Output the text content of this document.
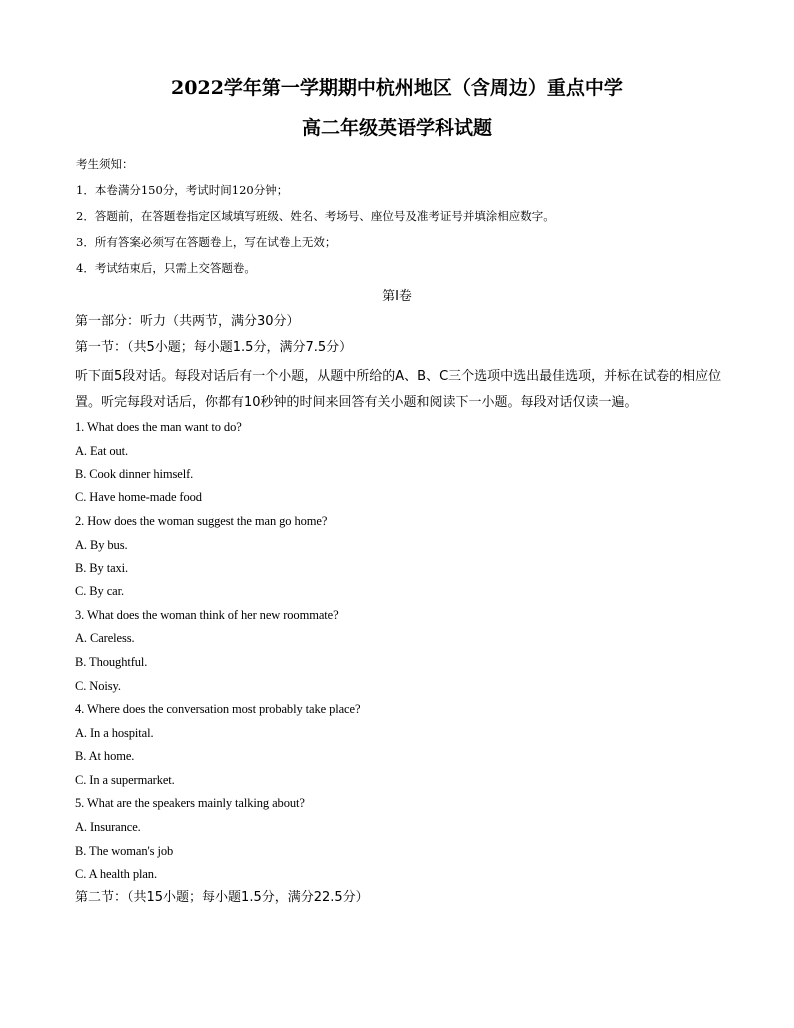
2022学年第一学期期中杭州地区（含周边）重点中学
高二年级英语学科试题
考生须知：
1．本卷满分150分，考试时间120分钟；
2．答题前，在答题卷指定区域填写班级、姓名、考场号、座位号及准考证号并填涂相应数字。
3．所有答案必须写在答题卷上，写在试卷上无效；
4．考试结束后，只需上交答题卷。
第I卷
第一部分：听力（共两节，满分30分）
第一节：（共5小题；每小题1.5分，满分7.5分）
听下面5段对话。每段对话后有一个小题，从题中所给的A、B、C三个选项中选出最佳选项，并标在试卷的相应位置。听完每段对话后，你都有10秒钟的时间来回答有关小题和阅读下一小题。每段对话仅读一遍。
1. What does the man want to do?
A. Eat out.
B. Cook dinner himself.
C. Have home-made food
2. How does the woman suggest the man go home?
A. By bus.
B. By taxi.
C. By car.
3. What does the woman think of her new roommate?
A. Careless.
B. Thoughtful.
C. Noisy.
4. Where does the conversation most probably take place?
A. In a hospital.
B. At home.
C. In a supermarket.
5. What are the speakers mainly talking about?
A. Insurance.
B. The woman's job
C. A health plan.
第二节：（共15小题；每小题1.5分，满分22.5分）
